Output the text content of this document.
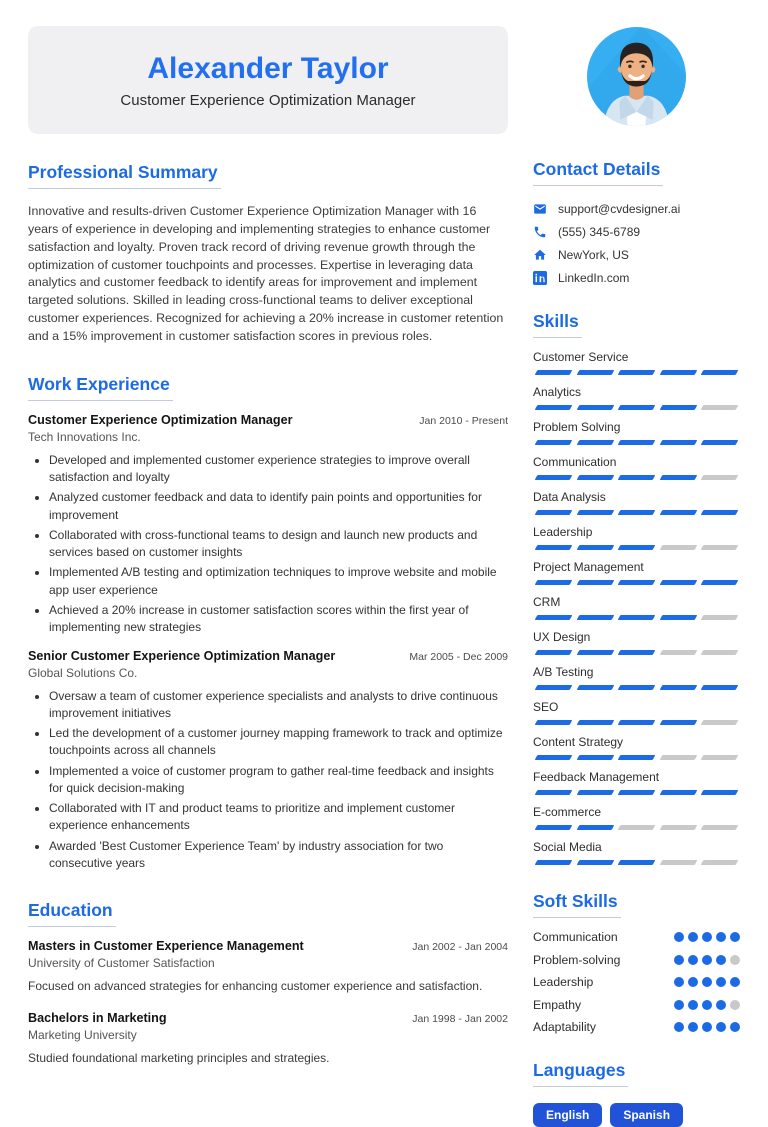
Alexander Taylor
Customer Experience Optimization Manager
Professional Summary

Innovative and results-driven Customer Experience Optimization Manager with 16 years of experience in developing and implementing strategies to enhance customer satisfaction and loyalty. Proven track record of driving revenue growth through the optimization of customer touchpoints and processes. Expertise in leveraging data analytics and customer feedback to identify areas for improvement and implement targeted solutions. Skilled in leading cross-functional teams to deliver exceptional customer experiences. Recognized for achieving a 20% increase in customer retention and a 15% improvement in customer satisfaction scores in previous roles.

Work Experience
Customer Experience Optimization Manager	Jan 2010 - Present
Tech Innovations Inc.
• Developed and implemented customer experience strategies to improve overall satisfaction and loyalty
• Analyzed customer feedback and data to identify pain points and opportunities for improvement
• Collaborated with cross-functional teams to design and launch new products and services based on customer insights
• Implemented A/B testing and optimization techniques to improve website and mobile app user experience
• Achieved a 20% increase in customer satisfaction scores within the first year of implementing new strategies
Senior Customer Experience Optimization Manager	Mar 2005 - Dec 2009
Global Solutions Co.
• Oversaw a team of customer experience specialists and analysts to drive continuous improvement initiatives
• Led the development of a customer journey mapping framework to track and optimize touchpoints across all channels
• Implemented a voice of customer program to gather real-time feedback and insights for quick decision-making
• Collaborated with IT and product teams to prioritize and implement customer experience enhancements
• Awarded 'Best Customer Experience Team' by industry association for two consecutive years
Education
Masters in Customer Experience Management	Jan 2002 - Jan 2004
University of Customer Satisfaction

Focused on advanced strategies for enhancing customer experience and satisfaction.

Bachelors in Marketing	Jan 1998 - Jan 2002
Marketing University

Studied foundational marketing principles and strategies.

Contact Details
support@cvdesigner.ai
(555) 345-6789
NewYork, US
LinkedIn.com
Skills
Customer Service
Analytics
Problem Solving
Communication
Data Analysis
Leadership
Project Management
CRM
UX Design
A/B Testing
SEO
Content Strategy
Feedback Management
E-commerce
Social Media
Soft Skills
Communication
Problem-solving
Leadership
Empathy
Adaptability
Languages
English	Spanish
